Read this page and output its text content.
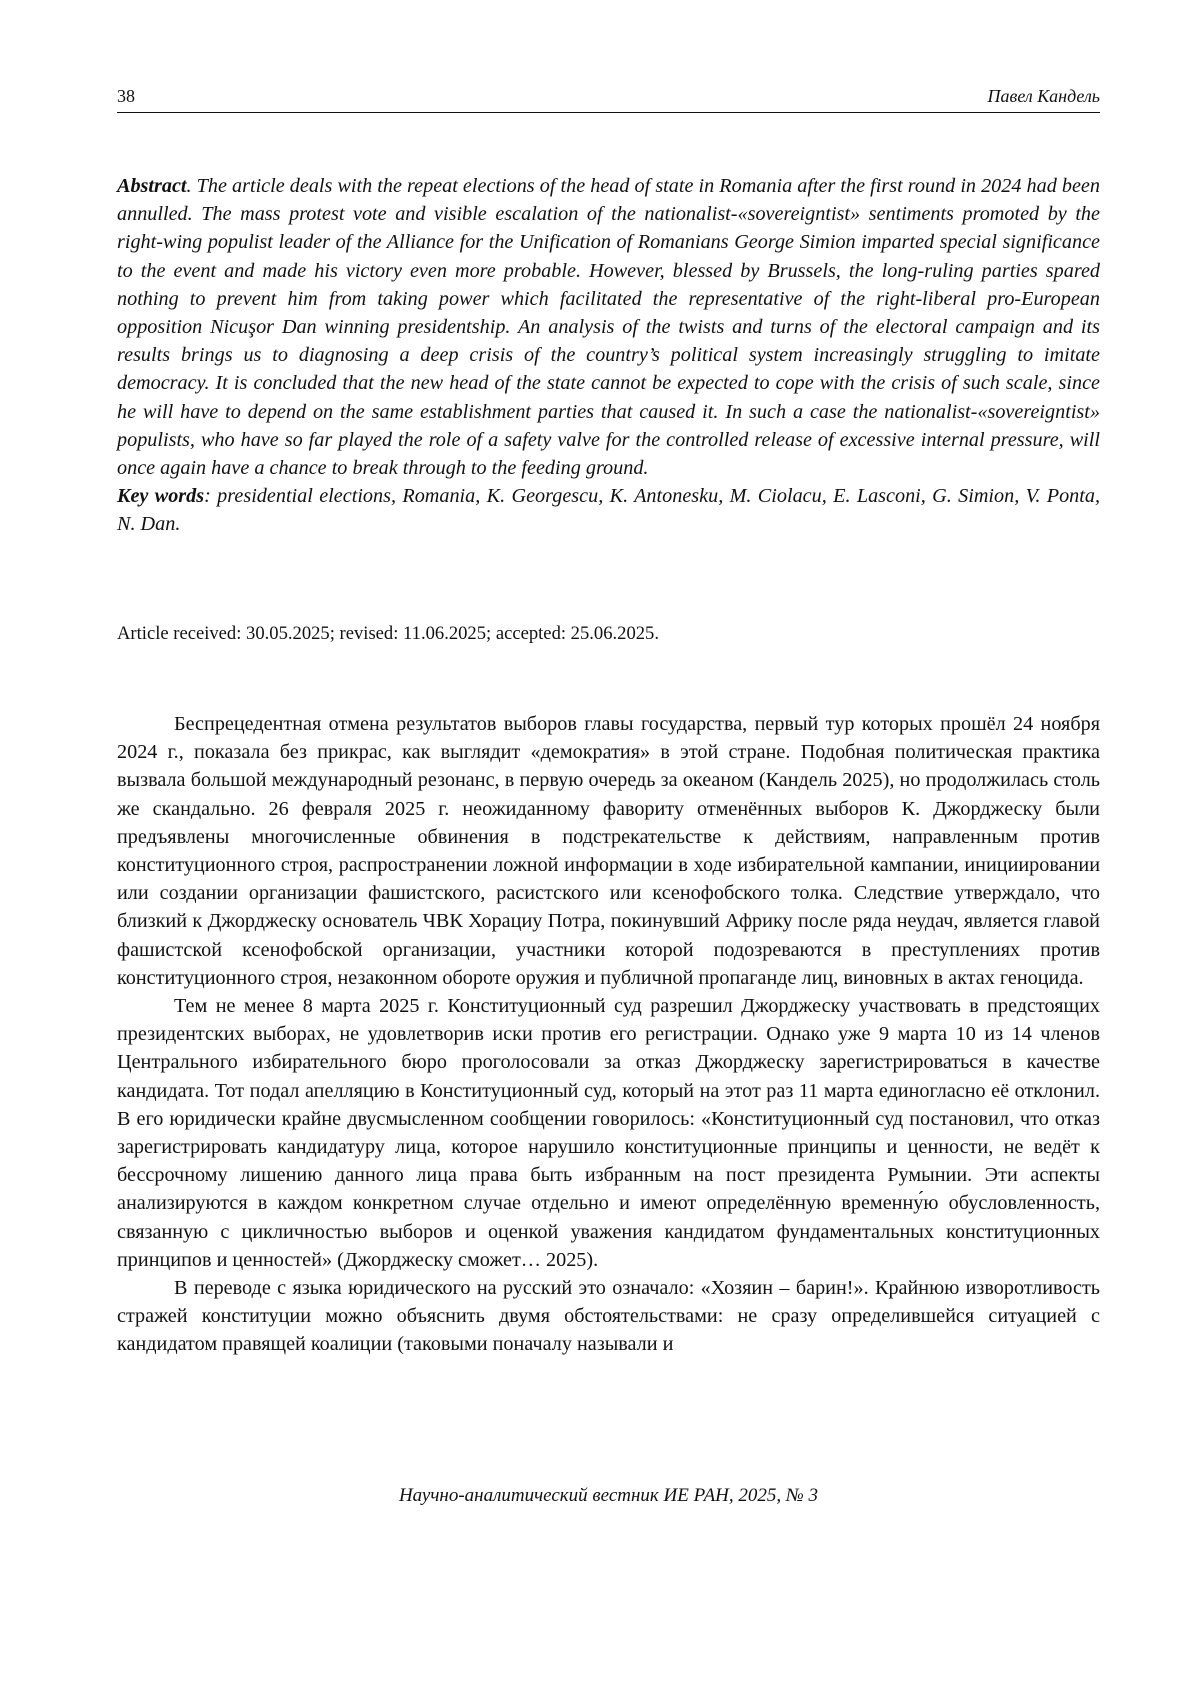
38	Павел Кандель

Abstract. The article deals with the repeat elections of the head of state in Romania after the first round in 2024 had been annulled. The mass protest vote and visible escalation of the nationalist-«sovereigntist» sentiments promoted by the right-wing populist leader of the Alliance for the Unification of Romanians George Simion imparted special significance to the event and made his victory even more probable. However, blessed by Brussels, the long-ruling parties spared nothing to prevent him from taking power which facilitated the representative of the right-liberal pro-European opposition Nicuşor Dan winning presidentship. An analysis of the twists and turns of the electoral campaign and its results brings us to diagnosing a deep crisis of the country’s political system increasingly struggling to imitate democracy. It is concluded that the new head of the state cannot be expected to cope with the crisis of such scale, since he will have to depend on the same establishment parties that caused it. In such a case the nationalist-«sovereigntist» populists, who have so far played the role of a safety valve for the controlled release of excessive internal pressure, will once again have a chance to break through to the feeding ground.
Key words: presidential elections, Romania, K. Georgescu, K. Antonesku, M. Ciolacu, E. Lasconi, G. Simion, V. Ponta, N. Dan.

Article received: 30.05.2025; revised: 11.06.2025; accepted: 25.06.2025.

Беспрецедентная отмена результатов выборов главы государства, первый тур которых прошёл 24 ноября 2024 г., показала без прикрас, как выглядит «демократия» в этой стране. Подобная политическая практика вызвала большой международный резонанс, в первую очередь за океаном (Кандель 2025), но продолжилась столь же скандально. 26 февраля 2025 г. неожиданному фавориту отменённых выборов К. Джорджеску были предъявлены многочисленные обвинения в подстрекательстве к действиям, направленным против конституционного строя, распространении ложной информации в ходе избирательной кампании, инициировании или создании организации фашистского, расистского или ксенофобского толка. Следствие утверждало, что близкий к Джорджеску основатель ЧВК Хорациу Потра, покинувший Африку после ряда неудач, является главой фашистской ксенофобской организации, участники которой подозреваются в преступлениях против конституционного строя, незаконном обороте оружия и публичной пропаганде лиц, виновных в актах геноцида.

Тем не менее 8 марта 2025 г. Конституционный суд разрешил Джорджеску участвовать в предстоящих президентских выборах, не удовлетворив иски против его регистрации. Однако уже 9 марта 10 из 14 членов Центрального избирательного бюро проголосовали за отказ Джорджеску зарегистрироваться в качестве кандидата. Тот подал апелляцию в Конституционный суд, который на этот раз 11 марта единогласно её отклонил. В его юридически крайне двусмысленном сообщении говорилось: «Конституционный суд постановил, что отказ зарегистрировать кандидатуру лица, которое нарушило конституционные принципы и ценности, не ведёт к бессрочному лишению данного лица права быть избранным на пост президента Румынии. Эти аспекты анализируются в каждом конкретном случае отдельно и имеют определённую временну́ю обусловленность, связанную с цикличностью выборов и оценкой уважения кандидатом фундаментальных конституционных принципов и ценностей» (Джорджеску сможет… 2025).

В переводе с языка юридического на русский это означало: «Хозяин – барин!». Крайнюю изворотливость стражей конституции можно объяснить двумя обстоятельствами: не сразу определившейся ситуацией с кандидатом правящей коалиции (таковыми поначалу называли и

Научно-аналитический вестник ИЕ РАН, 2025, № 3
